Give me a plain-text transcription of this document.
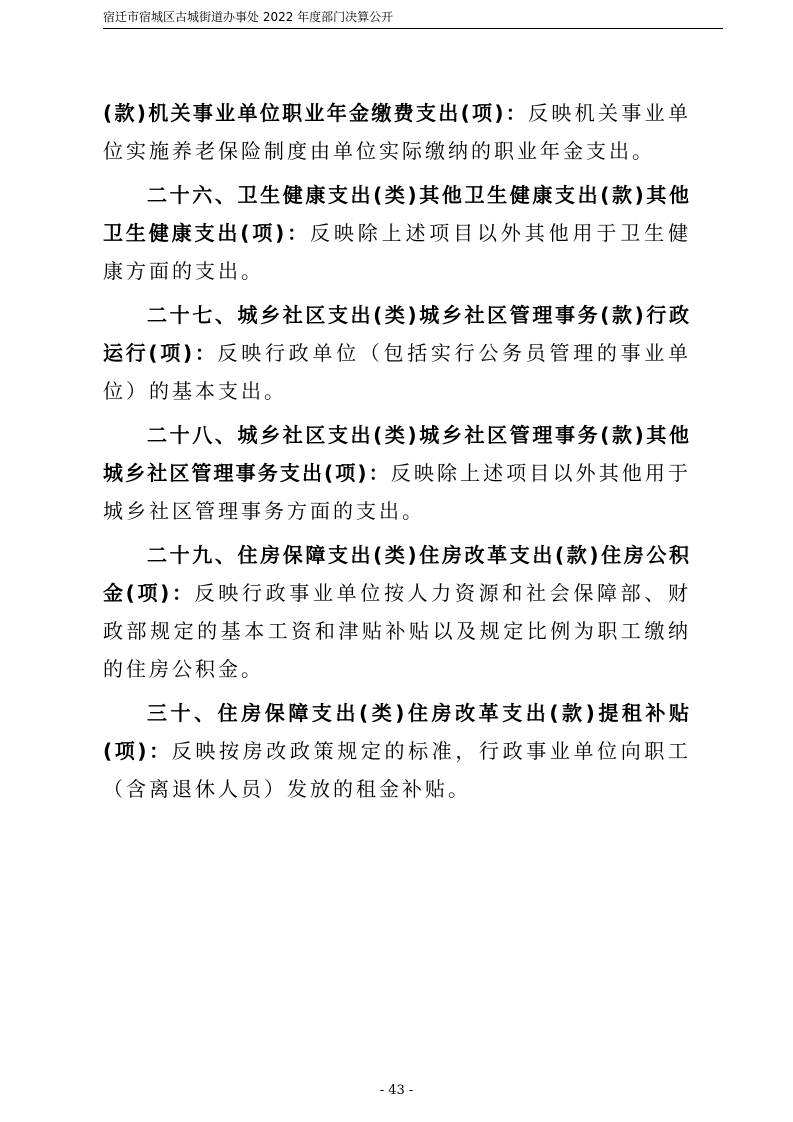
宿迁市宿城区古城街道办事处 2022 年度部门决算公开

(款)机关事业单位职业年金缴费支出(项)：反映机关事业单位实施养老保险制度由单位实际缴纳的职业年金支出。

二十六、卫生健康支出(类)其他卫生健康支出(款)其他卫生健康支出(项)：反映除上述项目以外其他用于卫生健康方面的支出。

二十七、城乡社区支出(类)城乡社区管理事务(款)行政运行(项)：反映行政单位（包括实行公务员管理的事业单位）的基本支出。

二十八、城乡社区支出(类)城乡社区管理事务(款)其他城乡社区管理事务支出(项)：反映除上述项目以外其他用于城乡社区管理事务方面的支出。

二十九、住房保障支出(类)住房改革支出(款)住房公积金(项)：反映行政事业单位按人力资源和社会保障部、财政部规定的基本工资和津贴补贴以及规定比例为职工缴纳的住房公积金。

三十、住房保障支出(类)住房改革支出(款)提租补贴(项)：反映按房改政策规定的标准，行政事业单位向职工（含离退休人员）发放的租金补贴。

- 43 -
